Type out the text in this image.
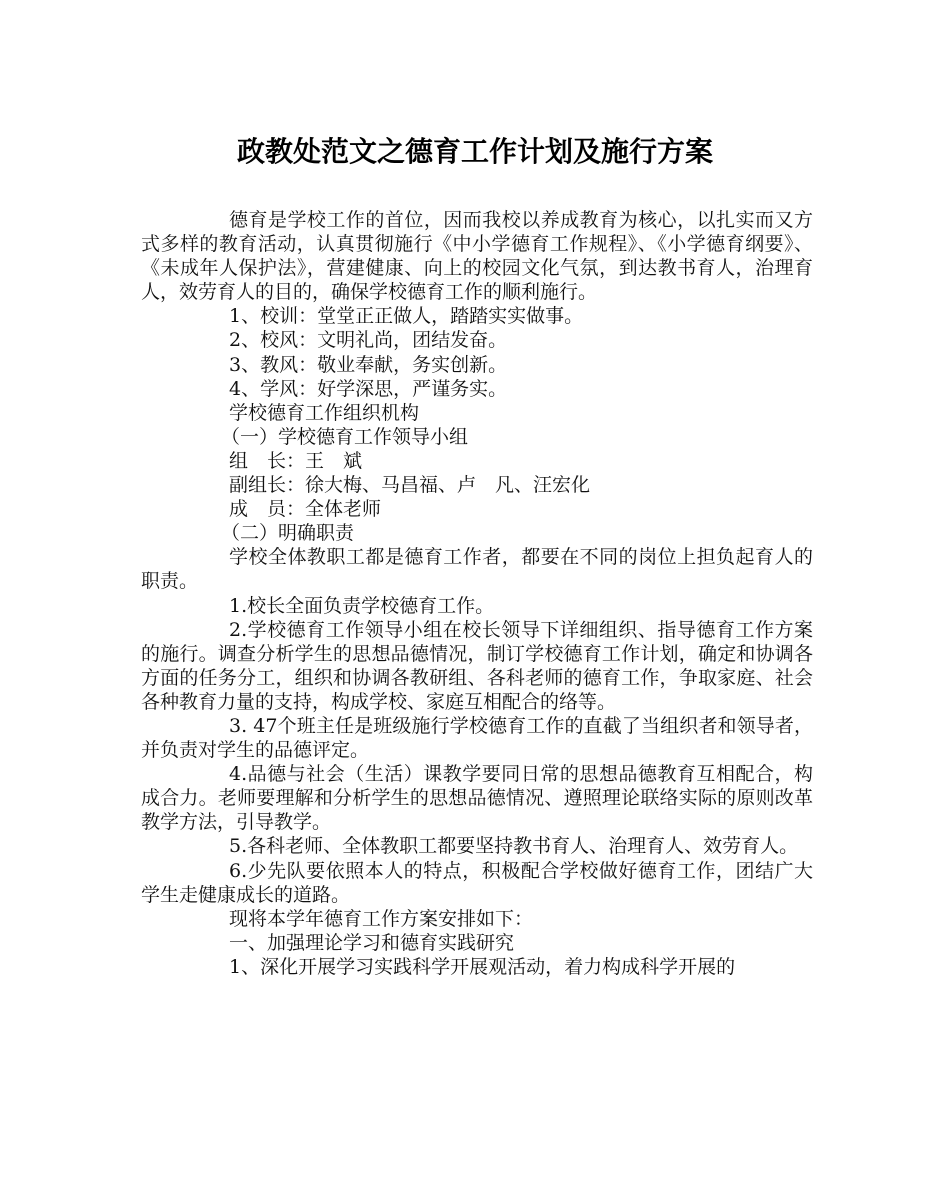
政教处范文之德育工作计划及施行方案

德育是学校工作的首位，因而我校以养成教育为核心，以扎实而又方式多样的教育活动，认真贯彻施行《中小学德育工作规程》、《小学德育纲要》、《未成年人保护法》，营建健康、向上的校园文化气氛，到达教书育人，治理育人，效劳育人的目的，确保学校德育工作的顺利施行。

1、校训：堂堂正正做人，踏踏实实做事。

2、校风：文明礼尚，团结发奋。

3、教风：敬业奉献，务实创新。

4、学风：好学深思，严谨务实。

学校德育工作组织机构

（一）学校德育工作领导小组

组　长：王　斌

副组长：徐大梅、马昌福、卢　凡、汪宏化

成　员：全体老师

（二）明确职责

学校全体教职工都是德育工作者，都要在不同的岗位上担负起育人的职责。

1.校长全面负责学校德育工作。

2.学校德育工作领导小组在校长领导下详细组织、指导德育工作方案的施行。调查分析学生的思想品德情况，制订学校德育工作计划，确定和协调各方面的任务分工，组织和协调各教研组、各科老师的德育工作，争取家庭、社会各种教育力量的支持，构成学校、家庭互相配合的络等。

3. 47个班主任是班级施行学校德育工作的直截了当组织者和领导者，并负责对学生的品德评定。

4.品德与社会（生活）课教学要同日常的思想品德教育互相配合，构成合力。老师要理解和分析学生的思想品德情况、遵照理论联络实际的原则改革教学方法，引导教学。

5.各科老师、全体教职工都要坚持教书育人、治理育人、效劳育人。

6.少先队要依照本人的特点，积极配合学校做好德育工作，团结广大学生走健康成长的道路。

现将本学年德育工作方案安排如下：

一、加强理论学习和德育实践研究

1、深化开展学习实践科学开展观活动，着力构成科学开展的
